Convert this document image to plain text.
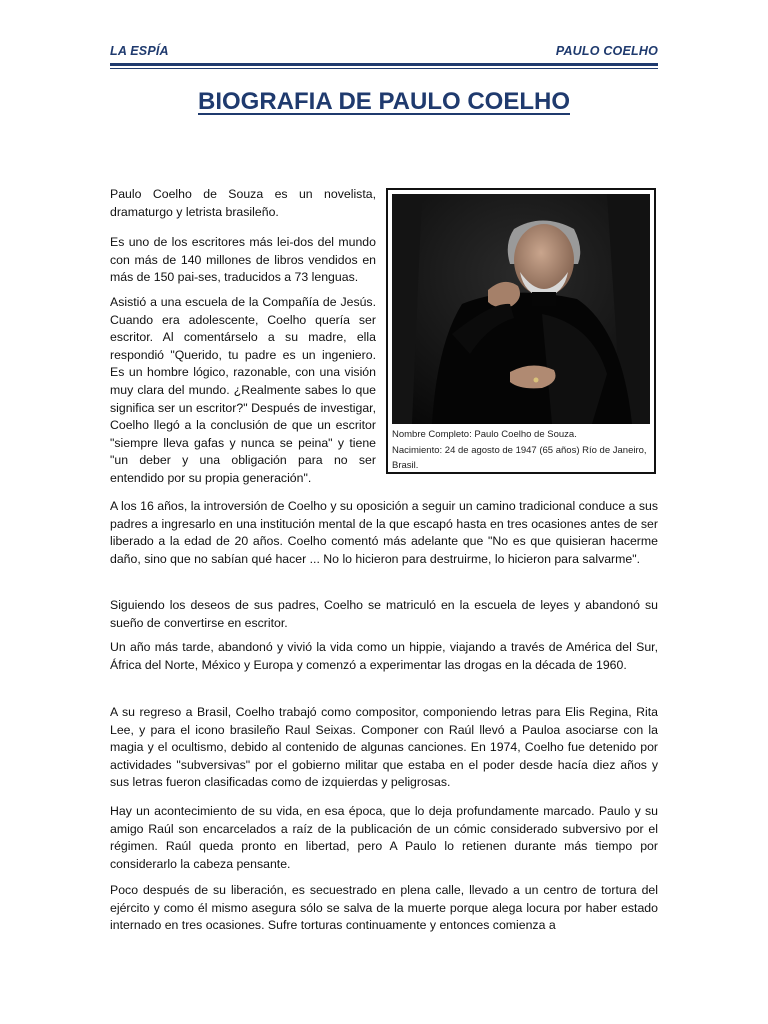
LA ESPÍA	PAULO COELHO
BIOGRAFIA DE PAULO COELHO
Nombre Completo: Paulo Coelho de Souza.
Nacimiento: 24 de agosto de 1947 (65 años) Río de Janeiro, Brasil.

Paulo Coelho de Souza es un novelista, dramaturgo y letrista brasileño.

Es uno de los escritores más lei-dos del mundo con más de 140 millones de libros vendidos en más de 150 pai-ses, traducidos a 73 lenguas.

Asistió a una escuela de la Compañía de Jesús. Cuando era adolescente, Coelho quería ser escritor. Al comentárselo a su madre, ella respondió "Querido, tu padre es un ingeniero. Es un hombre lógico, razonable, con una visión muy clara del mundo. ¿Realmente sabes lo que significa ser un escritor?" Después de investigar, Coelho llegó a la conclusión de que un escritor "siempre lleva gafas y nunca se peina" y tiene "un deber y una obligación para no ser entendido por su propia generación".

A los 16 años, la introversión de Coelho y su oposición a seguir un camino tradicional conduce a sus padres a ingresarlo en una institución mental de la que escapó hasta en tres ocasiones antes de ser liberado a la edad de 20 años. Coelho comentó más adelante que "No es que quisieran hacerme daño, sino que no sabían qué hacer ... No lo hicieron para destruirme, lo hicieron para salvarme".

Siguiendo los deseos de sus padres, Coelho se matriculó en la escuela de leyes y abandonó su sueño de convertirse en escritor.

Un año más tarde, abandonó y vivió la vida como un hippie, viajando a través de América del Sur, África del Norte, México y Europa y comenzó a experimentar las drogas en la década de 1960.

A su regreso a Brasil, Coelho trabajó como compositor, componiendo letras para Elis Regina, Rita Lee, y para el icono brasileño Raul Seixas. Componer con Raúl llevó a Pauloa asociarse con la magia y el ocultismo, debido al contenido de algunas canciones. En 1974, Coelho fue detenido por actividades "subversivas" por el gobierno militar que estaba en el poder desde hacía diez años y sus letras fueron clasificadas como de izquierdas y peligrosas.

Hay un acontecimiento de su vida, en esa época, que lo deja profundamente marcado. Paulo y su amigo Raúl son encarcelados a raíz de la publicación de un cómic considerado subversivo por el régimen. Raúl queda pronto en libertad, pero A Paulo lo retienen durante más tiempo por considerarlo la cabeza pensante.

Poco después de su liberación, es secuestrado en plena calle, llevado a un centro de tortura del ejército y como él mismo asegura sólo se salva de la muerte porque alega locura por haber estado internado en tres ocasiones. Sufre torturas continuamente y entonces comienza a
